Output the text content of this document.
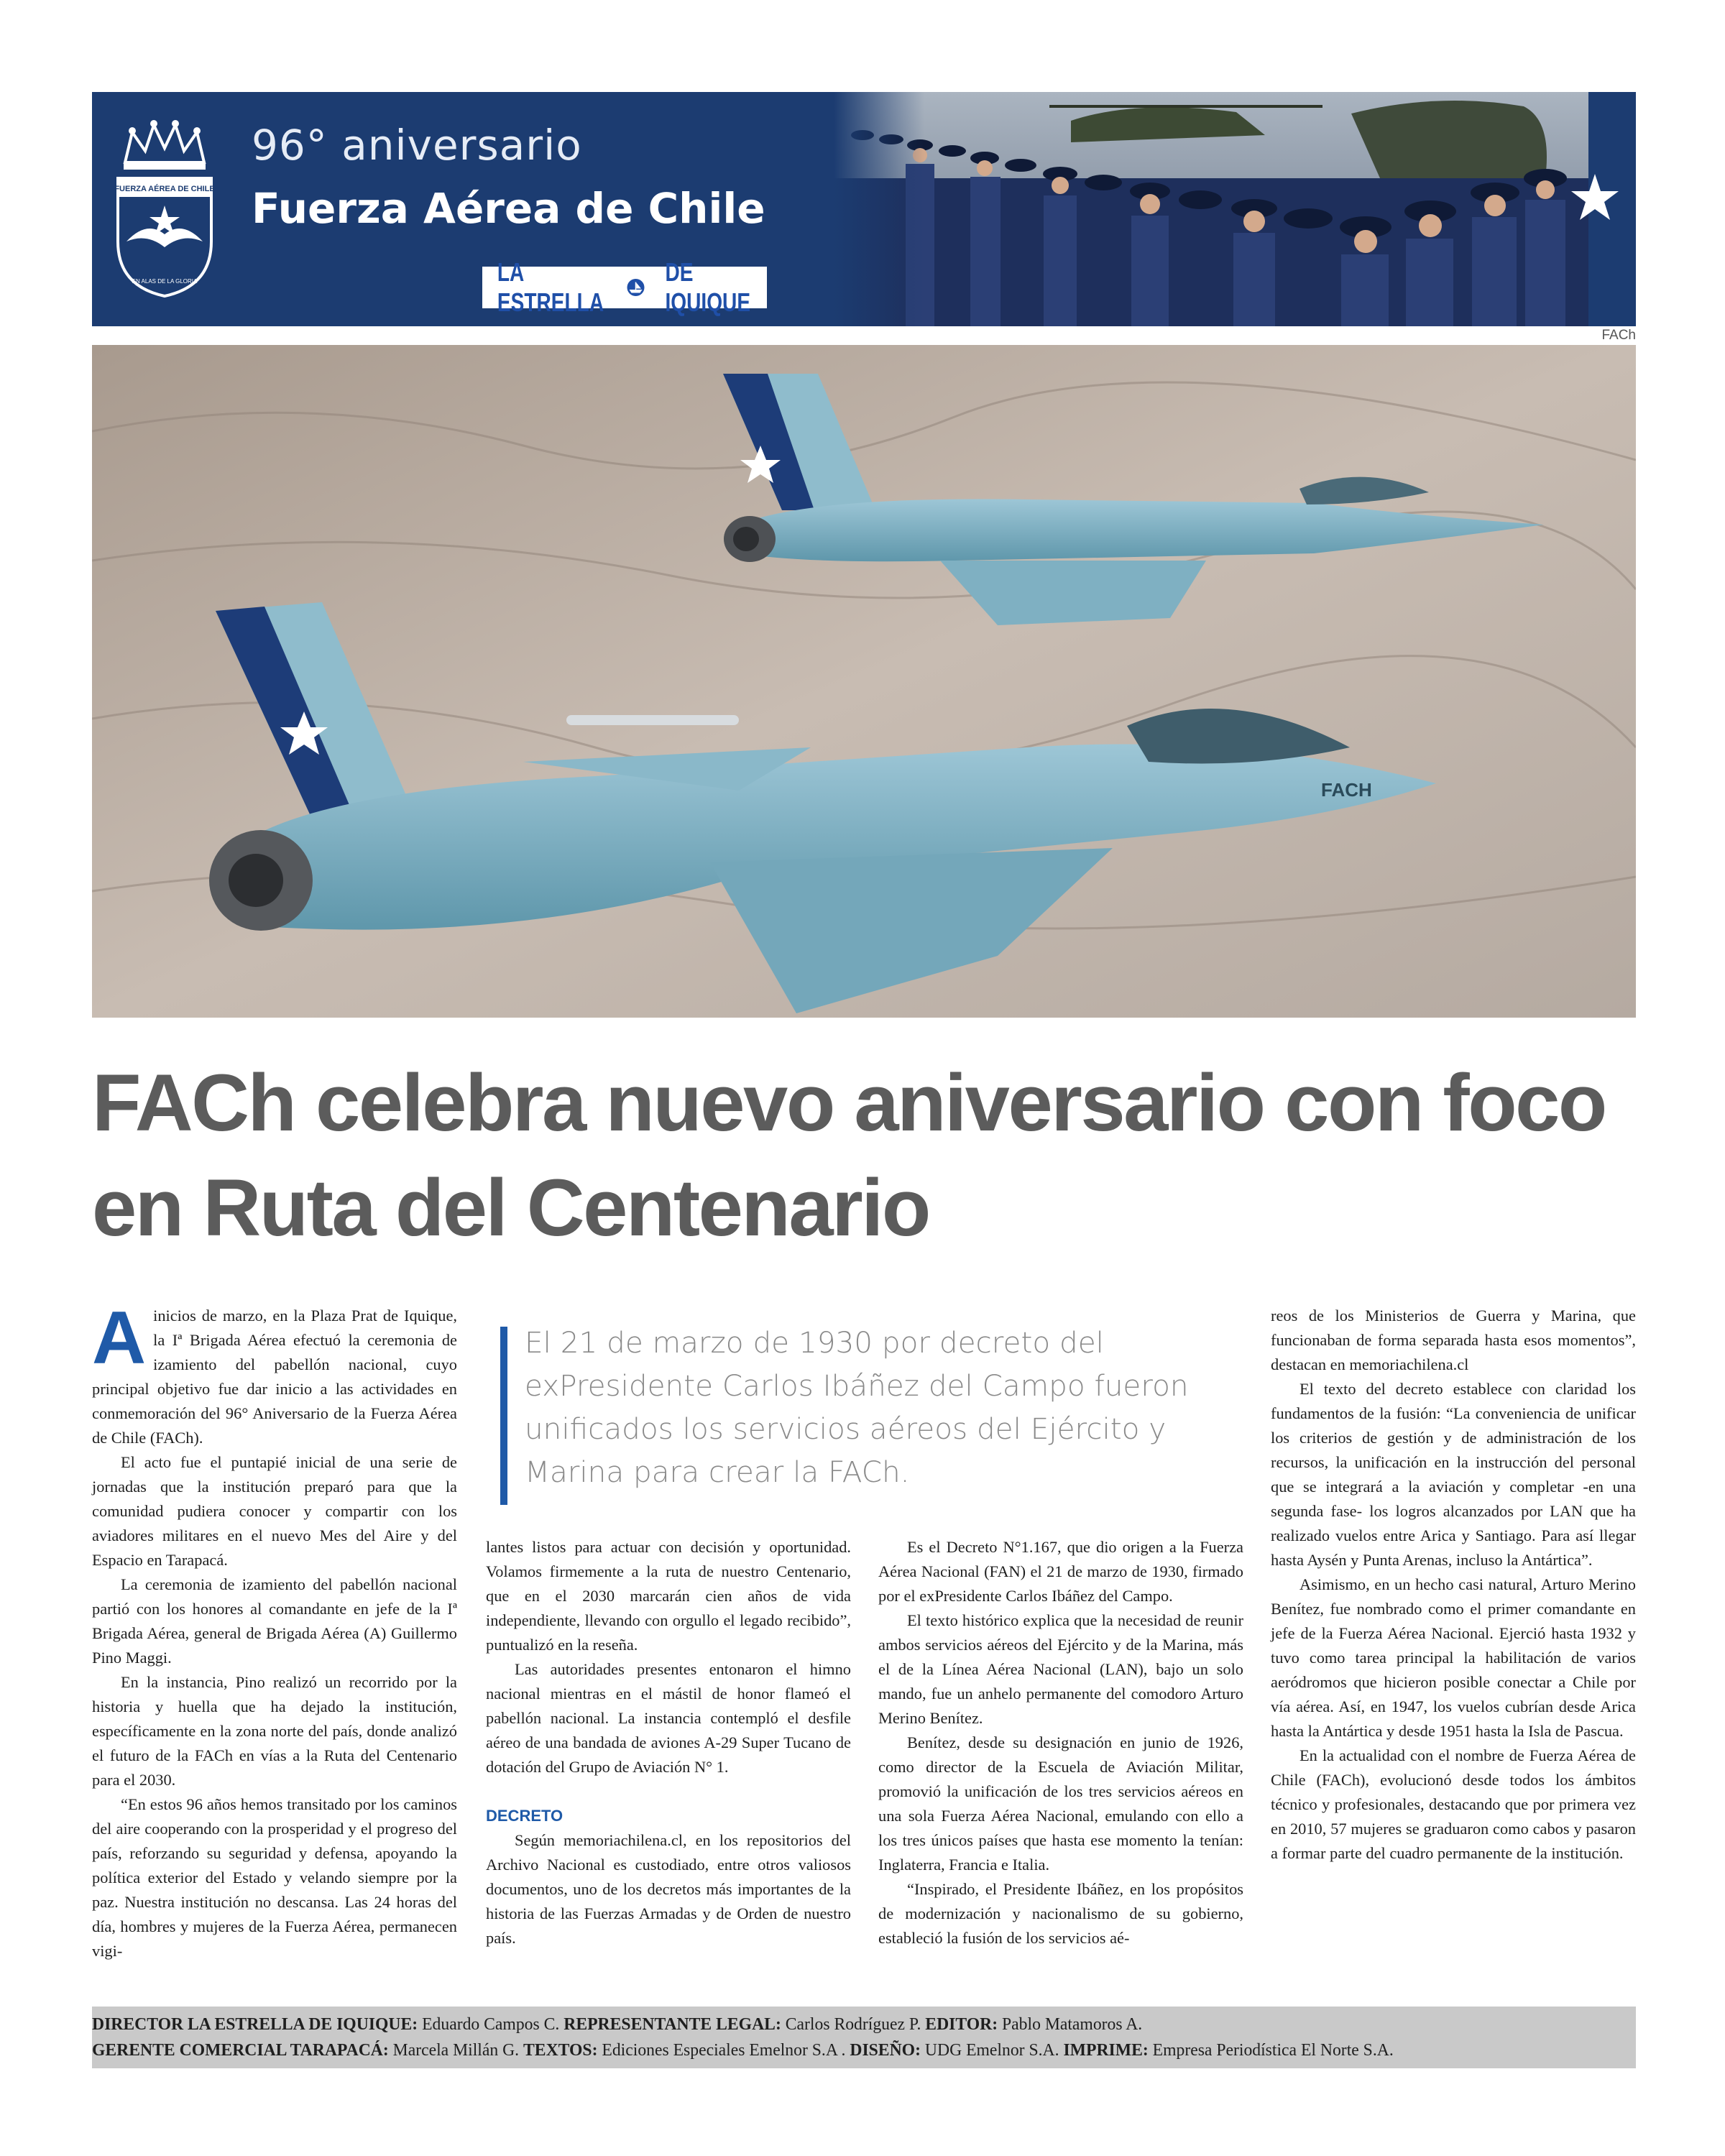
FUERZA AÉREA DE CHILE
EN ALAS DE LA GLORIA
96° aniversario
Fuerza Aérea de Chile
LA ESTRELLA
DE IQUIQUE
FACh
FACH
FACh celebra nuevo aniversario con foco en Ruta del Centenario

El 21 de marzo de 1930 por decreto del exPresidente Carlos Ibáñez del Campo fueron unificados los servicios aéreos del Ejército y Marina para crear la FACh.

A inicios de marzo, en la Plaza Prat de Iquique, la Iª Brigada Aérea efectuó la ceremonia de izamiento del pabellón nacional, cuyo principal objetivo fue dar inicio a las actividades en conmemoración del 96° Aniversario de la Fuerza Aérea de Chile (FACh).

El acto fue el puntapié inicial de una serie de jornadas que la institución preparó para que la comunidad pudiera conocer y compartir con los aviadores militares en el nuevo Mes del Aire y del Espacio en Tarapacá.

La ceremonia de izamiento del pabellón nacional partió con los honores al comandante en jefe de la Iª Brigada Aérea, general de Brigada Aérea (A) Guillermo Pino Maggi.

En la instancia, Pino realizó un recorrido por la historia y huella que ha dejado la institución, específicamente en la zona norte del país, donde analizó el futuro de la FACh en vías a la Ruta del Centenario para el 2030.

“En estos 96 años hemos transitado por los caminos del aire cooperando con la prosperidad y el progreso del país, reforzando su seguridad y defensa, apoyando la política exterior del Estado y velando siempre por la paz. Nuestra institución no descansa. Las 24 horas del día, hombres y mujeres de la Fuerza Aérea, permanecen vigi-

lantes listos para actuar con decisión y oportunidad. Volamos firmemente a la ruta de nuestro Centenario, que en el 2030 marcarán cien años de vida independiente, llevando con orgullo el legado recibido”, puntualizó en la reseña.

Las autoridades presentes entonaron el himno nacional mientras en el mástil de honor flameó el pabellón nacional. La instancia contempló el desfile aéreo de una bandada de aviones A-29 Super Tucano de dotación del Grupo de Aviación N° 1.

DECRETO

Según memoriachilena.cl, en los repositorios del Archivo Nacional es custodiado, entre otros valiosos documentos, uno de los decretos más importantes de la historia de las Fuerzas Armadas y de Orden de nuestro país.

Es el Decreto N°1.167, que dio origen a la Fuerza Aérea Nacional (FAN) el 21 de marzo de 1930, firmado por el exPresidente Carlos Ibáñez del Campo.

El texto histórico explica que la necesidad de reunir ambos servicios aéreos del Ejército y de la Marina, más el de la Línea Aérea Nacional (LAN), bajo un solo mando, fue un anhelo permanente del comodoro Arturo Merino Benítez.

Benítez, desde su designación en junio de 1926, como director de la Escuela de Aviación Militar, promovió la unificación de los tres servicios aéreos en una sola Fuerza Aérea Nacional, emulando con ello a los tres únicos países que hasta ese momento la tenían: Inglaterra, Francia e Italia.

“Inspirado, el Presidente Ibáñez, en los propósitos de modernización y nacionalismo de su gobierno, estableció la fusión de los servicios aé-

reos de los Ministerios de Guerra y Marina, que funcionaban de forma separada hasta esos momentos”, destacan en memoriachilena.cl

El texto del decreto establece con claridad los fundamentos de la fusión: “La conveniencia de unificar los criterios de gestión y de administración de los recursos, la unificación en la instrucción del personal que se integrará a la aviación y completar -en una segunda fase- los logros alcanzados por LAN que ha realizado vuelos entre Arica y Santiago. Para así llegar hasta Aysén y Punta Arenas, incluso la Antártica”.

Asimismo, en un hecho casi natural, Arturo Merino Benítez, fue nombrado como el primer comandante en jefe de la Fuerza Aérea Nacional. Ejerció hasta 1932 y tuvo como tarea principal la habilitación de varios aeródromos que hicieron posible conectar a Chile por vía aérea. Así, en 1947, los vuelos cubrían desde Arica hasta la Antártica y desde 1951 hasta la Isla de Pascua.

En la actualidad con el nombre de Fuerza Aérea de Chile (FACh), evolucionó desde todos los ámbitos técnico y profesionales, destacando que por primera vez en 2010, 57 mujeres se graduaron como cabos y pasaron a formar parte del cuadro permanente de la institución.

DIRECTOR LA ESTRELLA DE IQUIQUE: Eduardo Campos C. REPRESENTANTE LEGAL: Carlos Rodríguez P. EDITOR: Pablo Matamoros A.
GERENTE COMERCIAL TARAPACÁ: Marcela Millán G. TEXTOS: Ediciones Especiales Emelnor S.A . DISEÑO: UDG Emelnor S.A. IMPRIME: Empresa Periodística El Norte S.A.
